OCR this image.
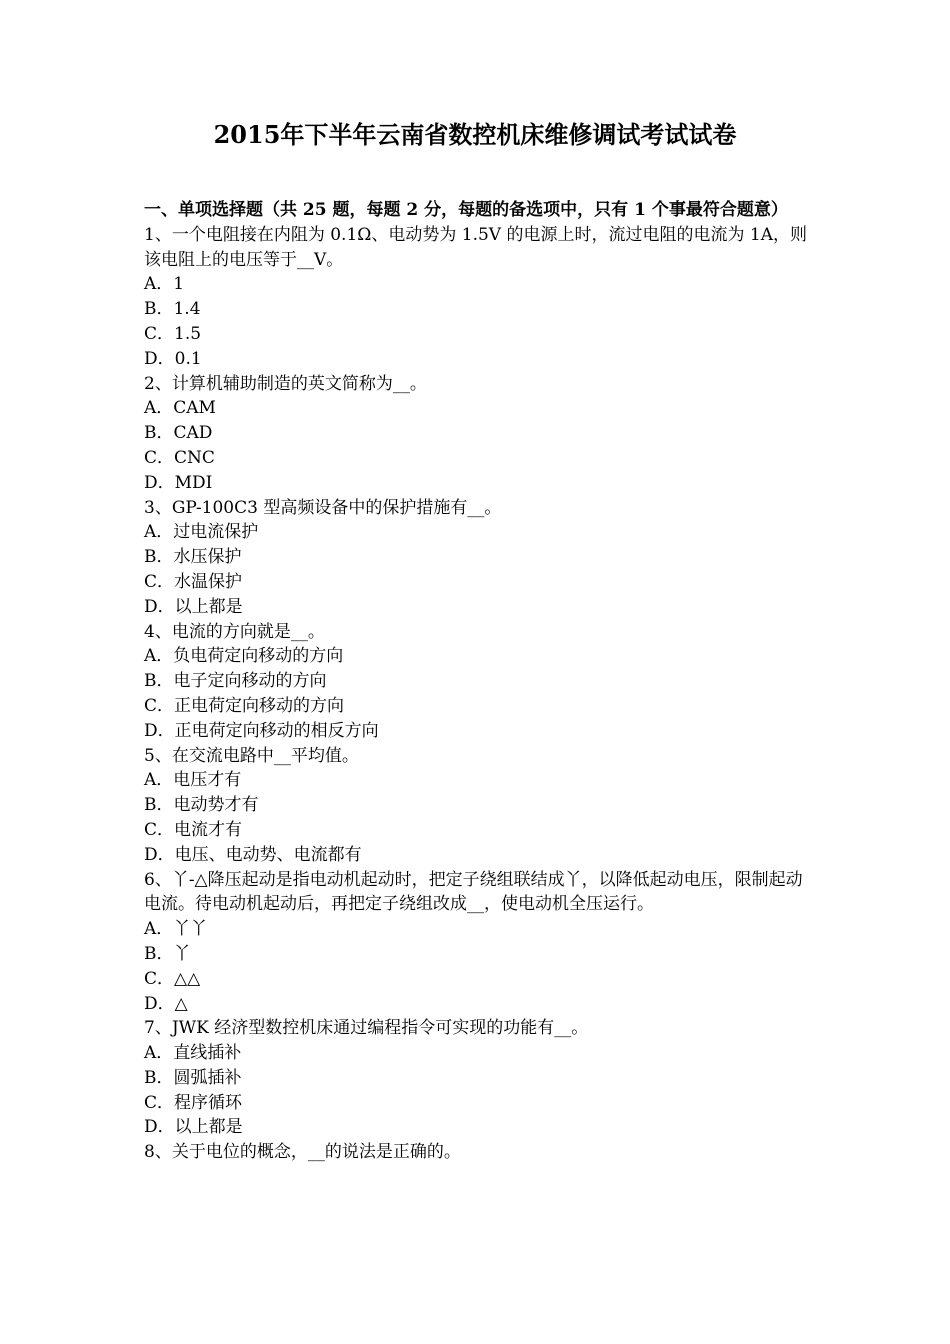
2015年下半年云南省数控机床维修调试考试试卷
一、单项选择题（共 25 题，每题 2 分，每题的备选项中，只有 1 个事最符合题意）
1、一个电阻接在内阻为 0.1Ω、电动势为 1.5V 的电源上时，流过电阻的电流为 1A，则该电阻上的电压等于__V。
A．1
B．1.4
C．1.5
D．0.1
2、计算机辅助制造的英文简称为__。
A．CAM
B．CAD
C．CNC
D．MDI
3、GP-100C3 型高频设备中的保护措施有__。
A．过电流保护
B．水压保护
C．水温保护
D．以上都是
4、电流的方向就是__。
A．负电荷定向移动的方向
B．电子定向移动的方向
C．正电荷定向移动的方向
D．正电荷定向移动的相反方向
5、在交流电路中__平均值。
A．电压才有
B．电动势才有
C．电流才有
D．电压、电动势、电流都有
6、丫-△降压起动是指电动机起动时，把定子绕组联结成丫，以降低起动电压，限制起动电流。待电动机起动后，再把定子绕组改成__，使电动机全压运行。
A．丫丫
B．丫
C．△△
D．△
7、JWK 经济型数控机床通过编程指令可实现的功能有__。
A．直线插补
B．圆弧插补
C．程序循环
D．以上都是
8、关于电位的概念，__的说法是正确的。
